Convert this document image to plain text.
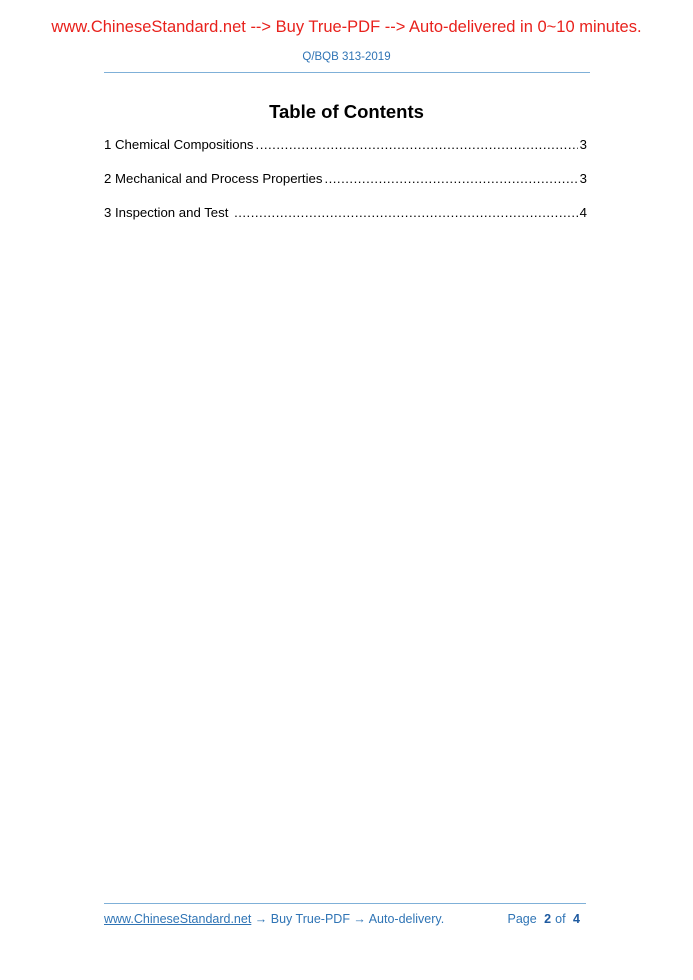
www.ChineseStandard.net --> Buy True-PDF --> Auto-delivered in 0~10 minutes.
Q/BQB 313-2019
Table of Contents
1 Chemical Compositions .....	3
2 Mechanical and Process Properties .....	3
3 Inspection and Test .....	4
www.ChineseStandard.net → Buy True-PDF → Auto-delivery.	Page 2 of 4
